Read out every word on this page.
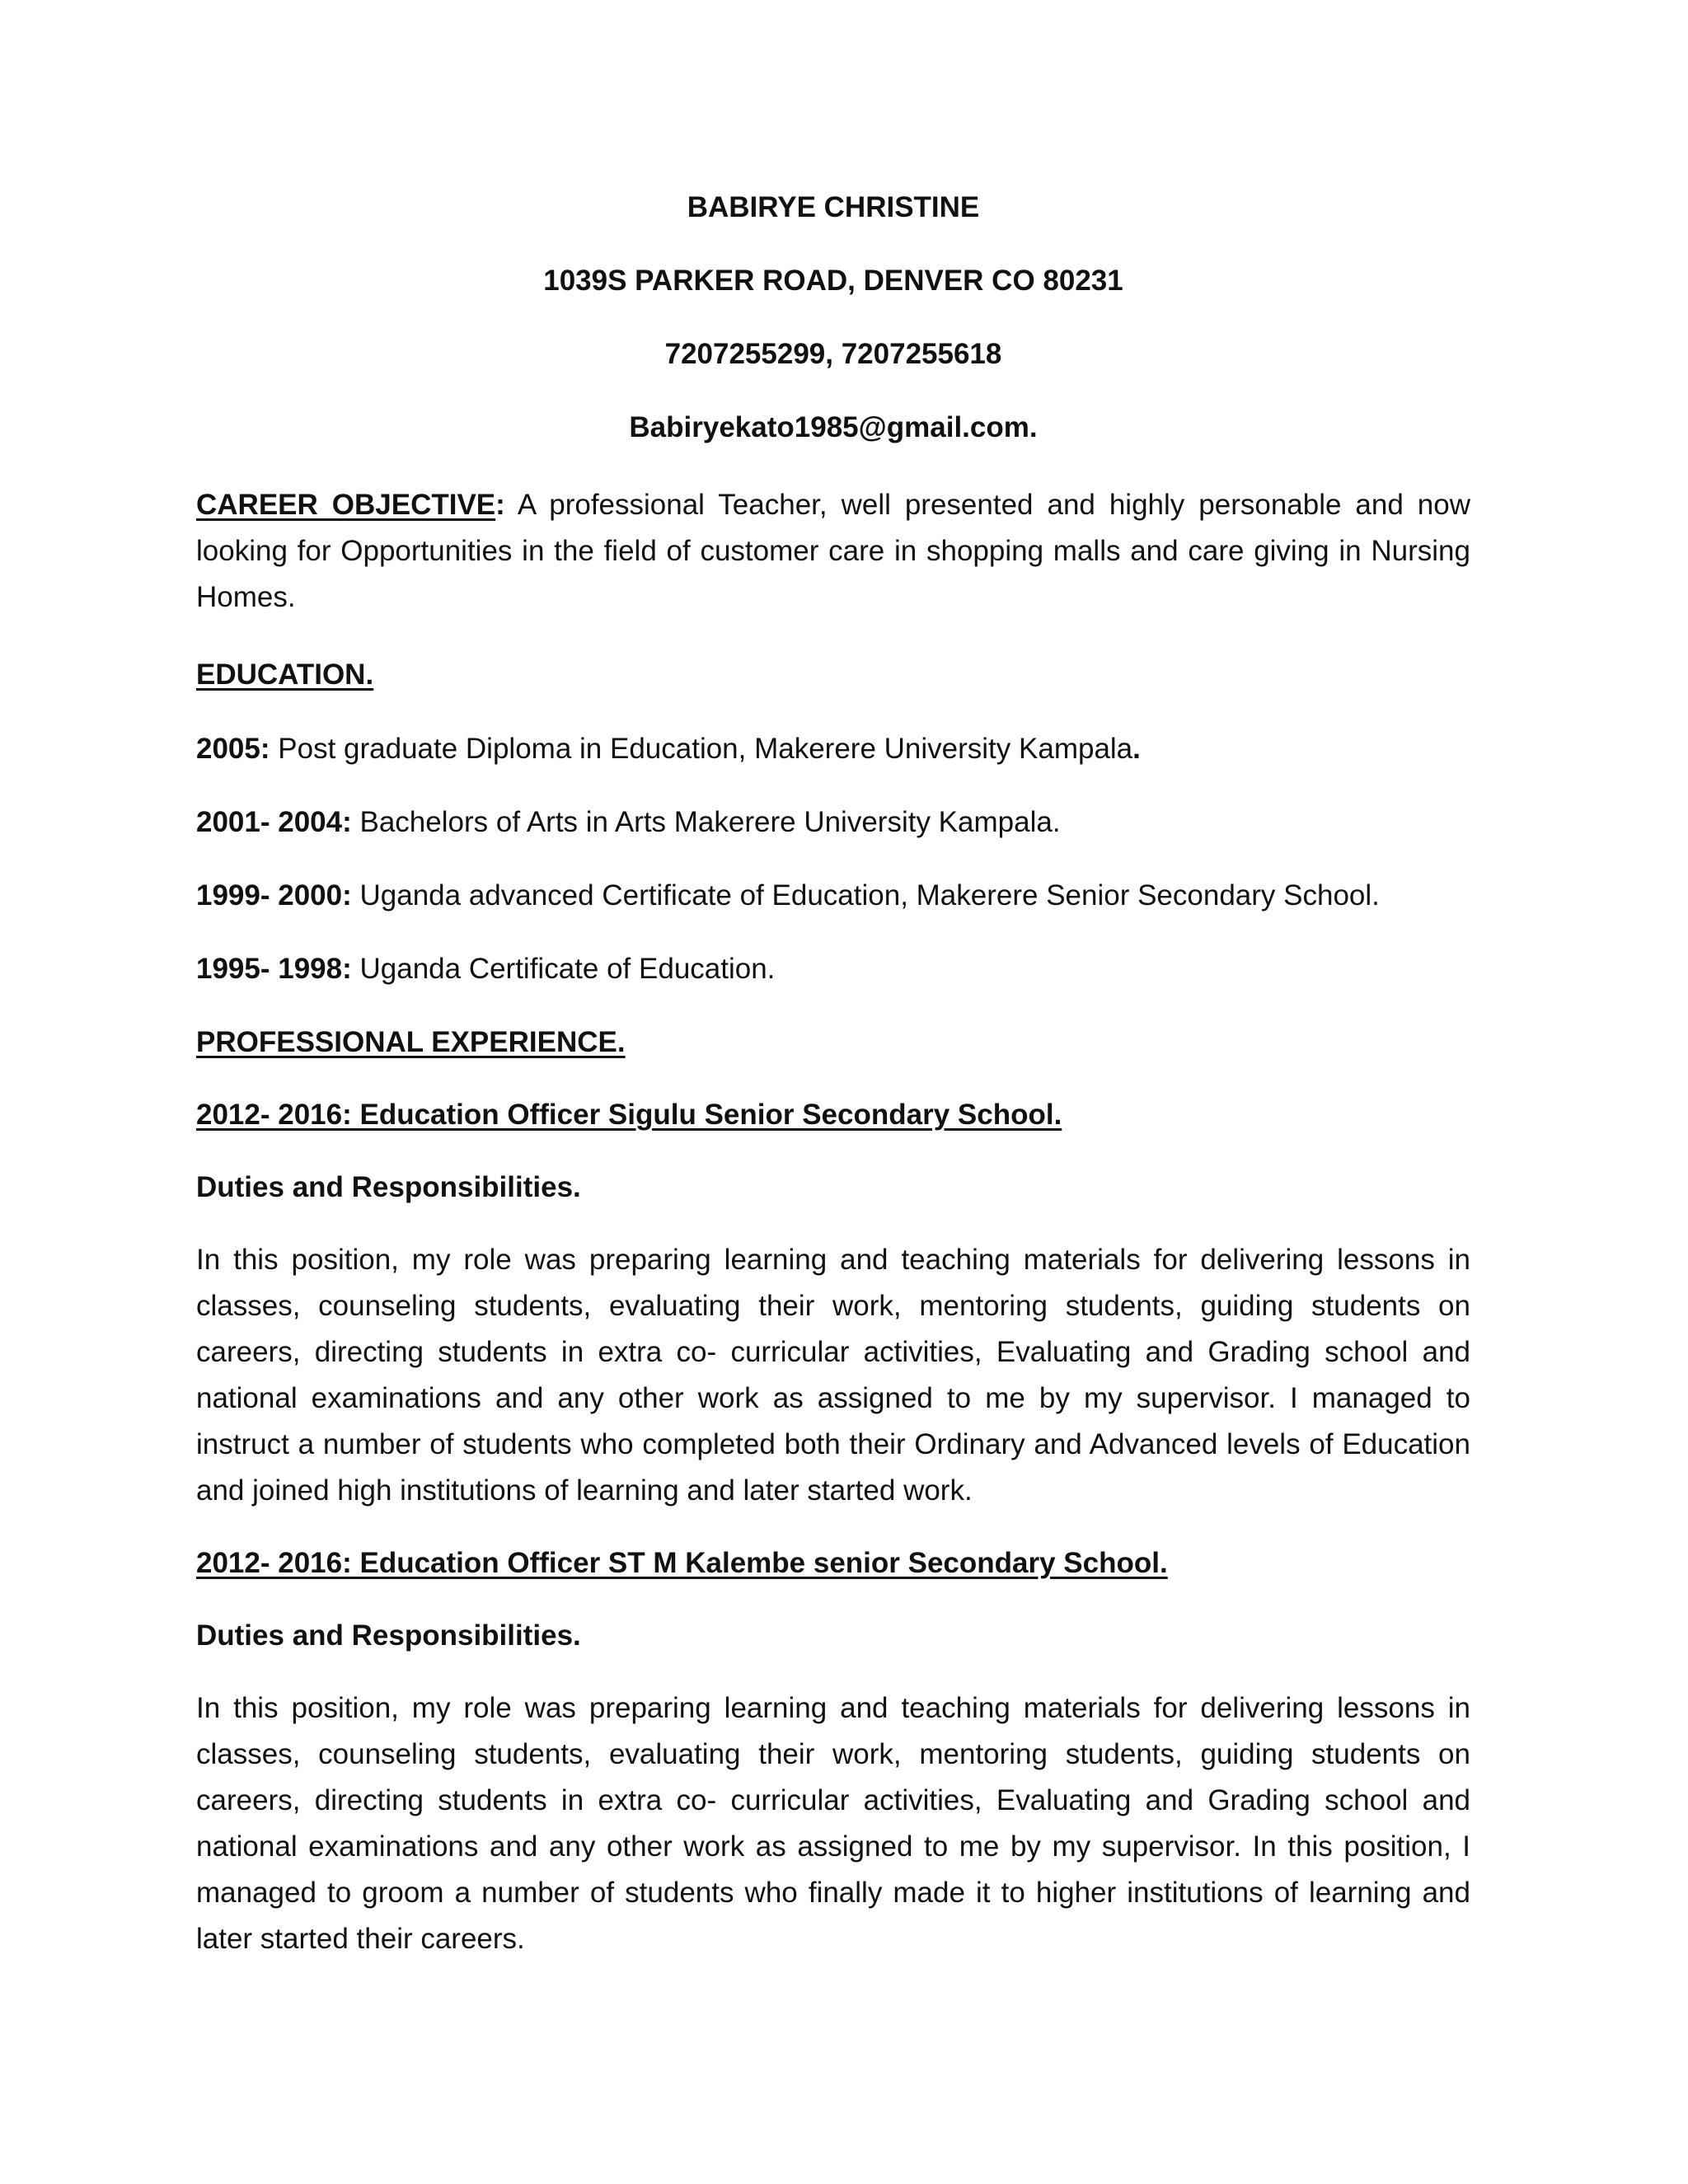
BABIRYE CHRISTINE
1039S PARKER ROAD, DENVER CO 80231
7207255299, 7207255618
Babiryekato1985@gmail.com.

CAREER OBJECTIVE: A professional Teacher, well presented and highly personable and now looking for Opportunities in the field of customer care in shopping malls and care giving in Nursing Homes.

EDUCATION.
2005: Post graduate Diploma in Education, Makerere University Kampala.
2001- 2004: Bachelors of Arts in Arts Makerere University Kampala.
1999- 2000: Uganda advanced Certificate of Education, Makerere Senior Secondary School.
1995- 1998: Uganda Certificate of Education.
PROFESSIONAL EXPERIENCE.
2012- 2016: Education Officer Sigulu Senior Secondary School.
Duties and Responsibilities.

In this position, my role was preparing learning and teaching materials for delivering lessons in classes, counseling students, evaluating their work, mentoring students, guiding students on careers, directing students in extra co- curricular activities, Evaluating and Grading school and national examinations and any other work as assigned to me by my supervisor. I managed to instruct a number of students who completed both their Ordinary and Advanced levels of Education and joined high institutions of learning and later started work.

2012- 2016: Education Officer ST M Kalembe senior Secondary School.
Duties and Responsibilities.

In this position, my role was preparing learning and teaching materials for delivering lessons in classes, counseling students, evaluating their work, mentoring students, guiding students on careers, directing students in extra co- curricular activities, Evaluating and Grading school and national examinations and any other work as assigned to me by my supervisor. In this position, I managed to groom a number of students who finally made it to higher institutions of learning and later started their careers.
